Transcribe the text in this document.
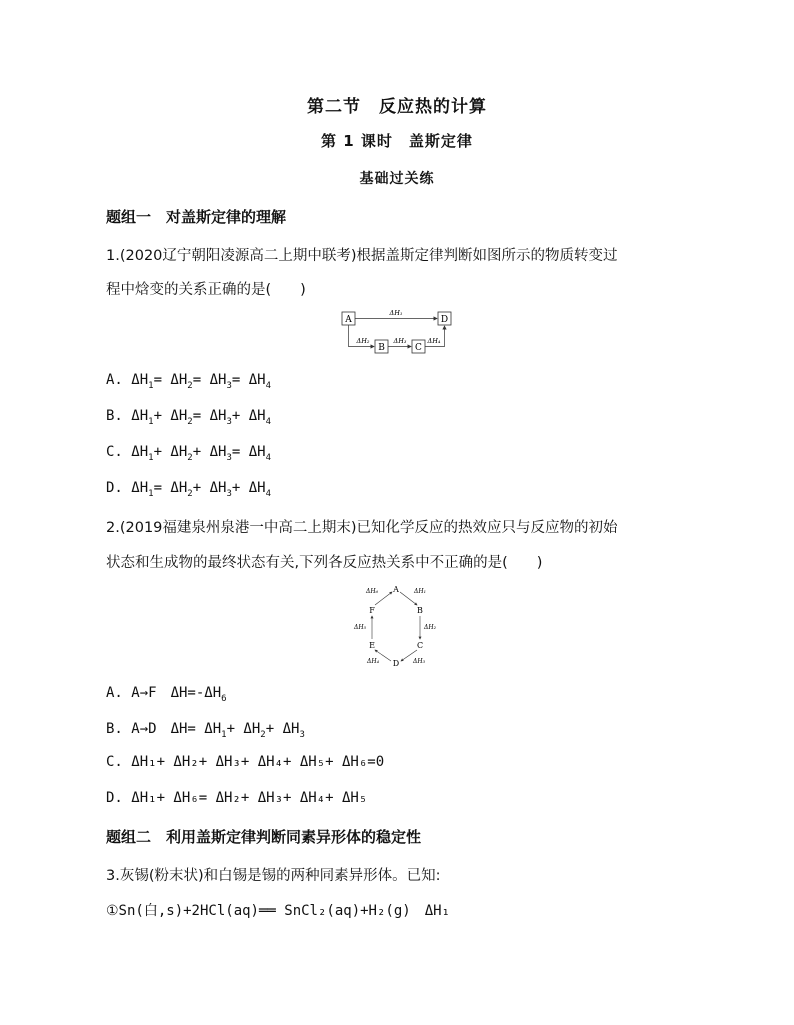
第二节　反应热的计算
第 1 课时　盖斯定律
基础过关练
题组一　对盖斯定律的理解
1.(2020辽宁朝阳凌源高二上期中联考)根据盖斯定律判断如图所示的物质转变过
程中焓变的关系正确的是(　　)
A	D
B	C
ΔH₁
ΔH₂	ΔH₃	ΔH₄
A. $\Delta H_1= \Delta H_2= \Delta H_3= \Delta H_4$
B. $\Delta H_1+ \Delta H_2= \Delta H_3+ \Delta H_4$
C. $\Delta H_1+ \Delta H_2+ \Delta H_3= \Delta H_4$
D. $\Delta H_1= \Delta H_2+ \Delta H_3+ \Delta H_4$
2.(2019福建泉州泉港一中高二上期末)已知化学反应的热效应只与反应物的初始
状态和生成物的最终状态有关,下列各反应热关系中不正确的是(　　)
A
B
C
D
E
F
ΔH₁
ΔH₂
ΔH₃
ΔH₄
ΔH₅
ΔH₆
A. A→F　$\Delta H=-\Delta H_6$
B. A→D　$\Delta H= \Delta H_1+ \Delta H_2+ \Delta H_3$
C. ΔH₁+ ΔH₂+ ΔH₃+ ΔH₄+ ΔH₅+ ΔH₆=0
D. ΔH₁+ ΔH₆= ΔH₂+ ΔH₃+ ΔH₄+ ΔH₅
题组二　利用盖斯定律判断同素异形体的稳定性
3.灰锡(粉末状)和白锡是锡的两种同素异形体。已知:
①Sn(白,s)+2HCl(aq)══ SnCl₂(aq)+H₂(g)　ΔH₁
